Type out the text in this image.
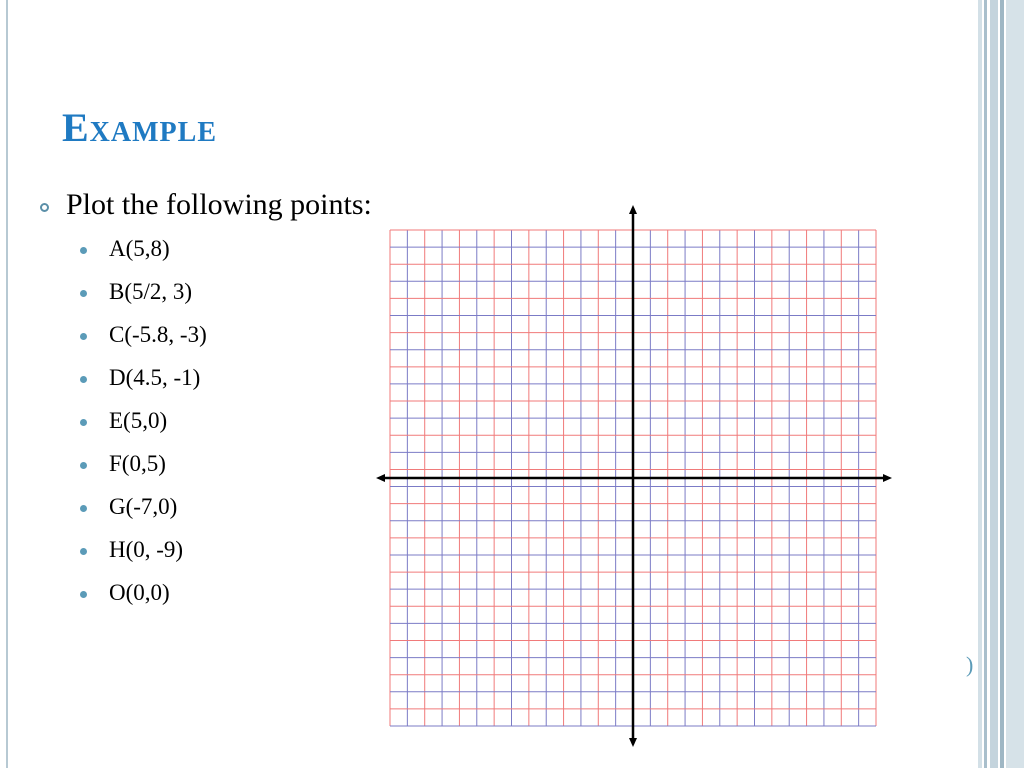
Example
Plot the following points:
A(5,8)
B(5/2, 3)
C(-5.8, -3)
D(4.5, -1)
E(5,0)
F(0,5)
G(-7,0)
H(0, -9)
O(0,0)
)
